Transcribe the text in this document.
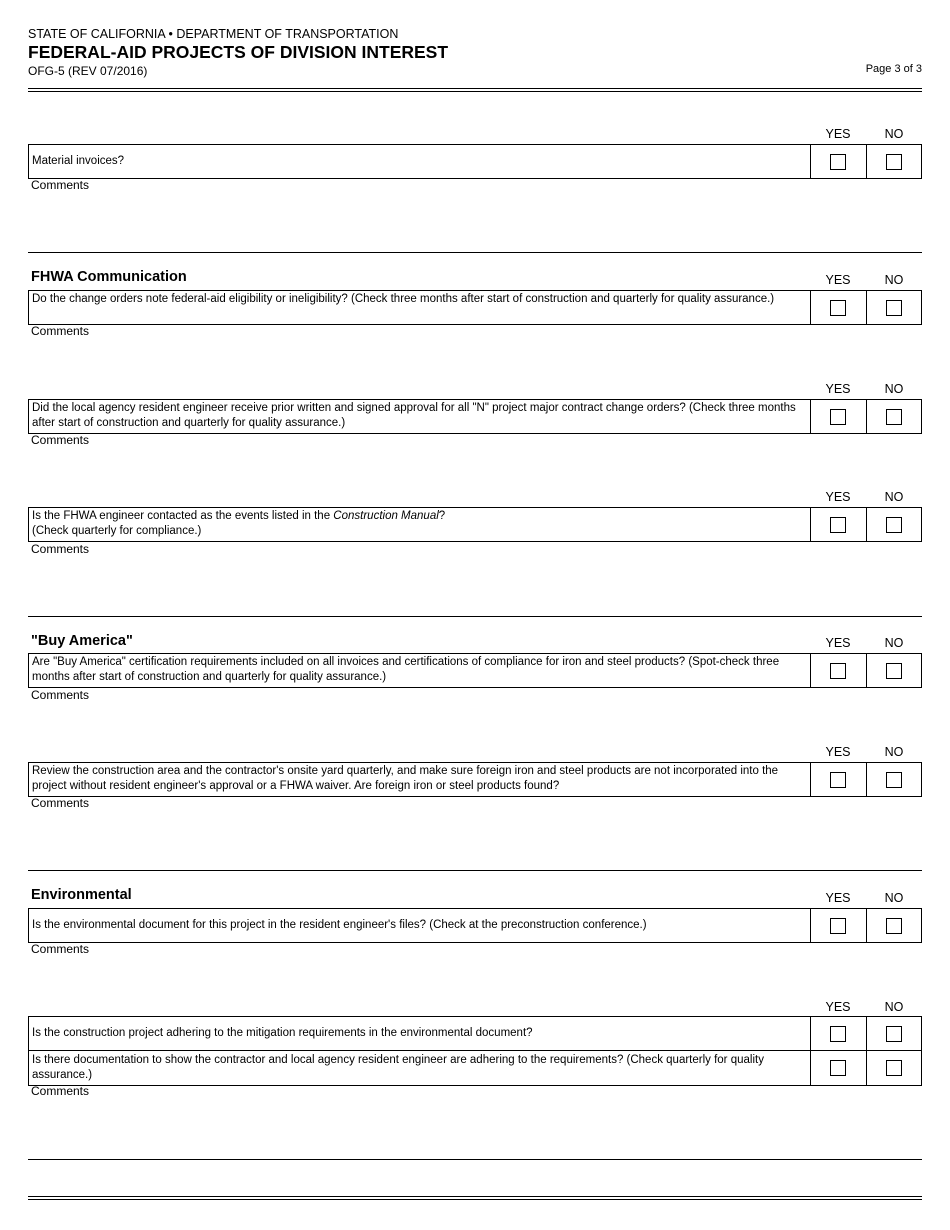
STATE OF CALIFORNIA • DEPARTMENT OF TRANSPORTATION
FEDERAL-AID PROJECTS OF DIVISION INTEREST
OFG-5 (REV 07/2016)	Page 3 of 3
YES	NO
Material invoices?
Comments
FHWA Communication	YES	NO
Do the change orders note federal-aid eligibility or ineligibility? (Check three months after start of construction and quarterly for quality assurance.)
Comments
YES	NO
Did the local agency resident engineer receive prior written and signed approval for all "N" project major contract change orders? (Check three months after start of construction and quarterly for quality assurance.)
Comments
YES	NO
Is the FHWA engineer contacted as the events listed in the Construction Manual?
(Check quarterly for compliance.)
Comments
"Buy America"	YES	NO
Are "Buy America" certification requirements included on all invoices and certifications of compliance for iron and steel products? (Spot-check three months after start of construction and quarterly for quality assurance.)
Comments
YES	NO
Review the construction area and the contractor's onsite yard quarterly, and make sure foreign iron and steel products are not incorporated into the project without resident engineer's approval or a FHWA waiver. Are foreign iron or steel products found?
Comments
Environmental	YES	NO
Is the environmental document for this project in the resident engineer's files? (Check at the preconstruction conference.)
Comments
YES	NO
Is the construction project adhering to the mitigation requirements in the environmental document?
Is there documentation to show the contractor and local agency resident engineer are adhering to the requirements? (Check quarterly for quality assurance.)
Comments
